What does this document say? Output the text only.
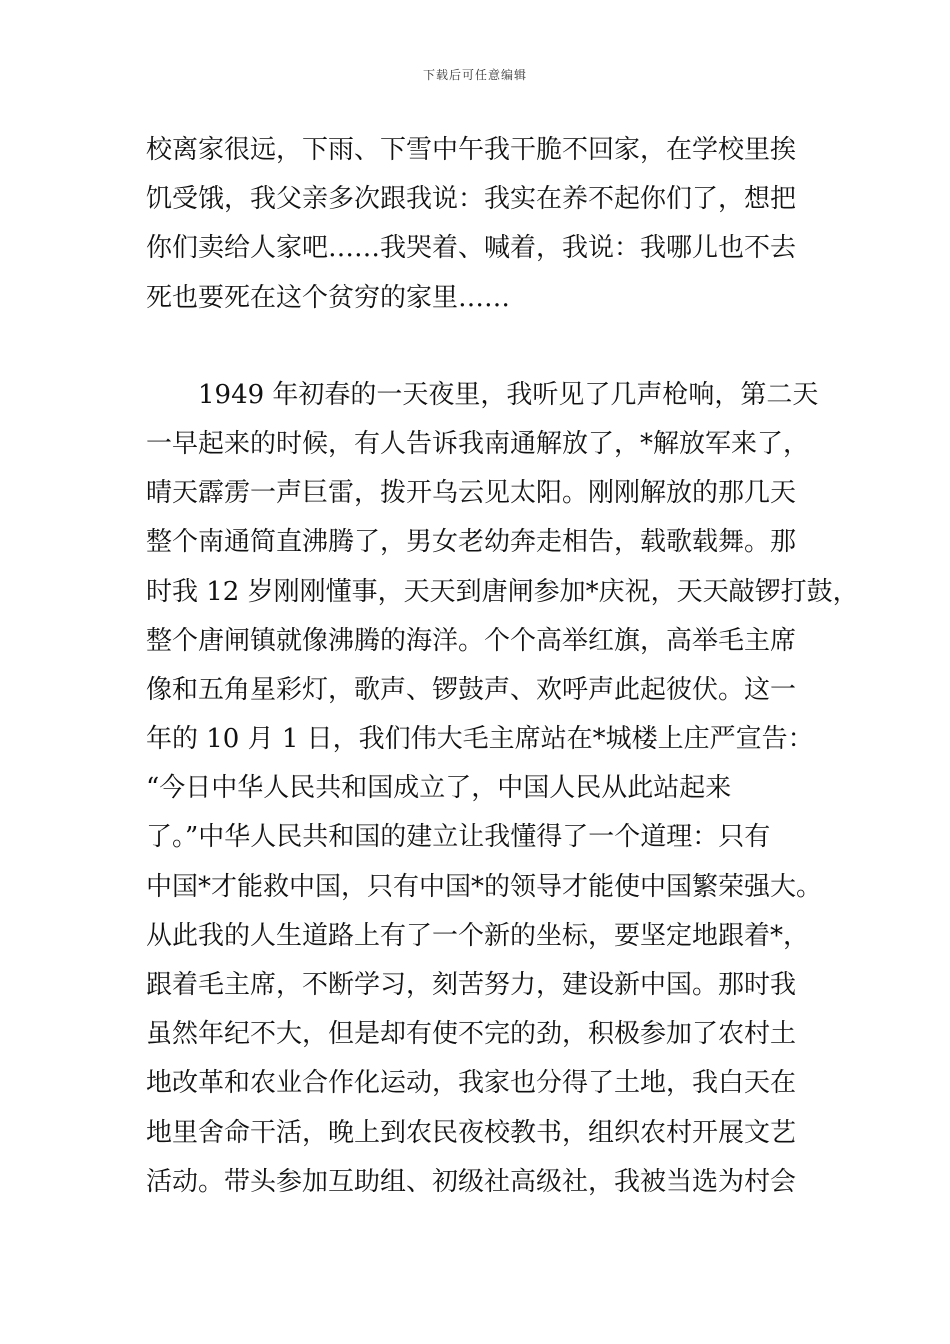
下载后可任意编辑
校离家很远，下雨、下雪中午我干脆不回家，在学校里挨
饥受饿，我父亲多次跟我说：我实在养不起你们了，想把
你们卖给人家吧……我哭着、喊着，我说：我哪儿也不去
死也要死在这个贫穷的家里……
　　1949 年初春的一天夜里，我听见了几声枪响，第二天
一早起来的时候，有人告诉我南通解放了，*解放军来了，
晴天霹雳一声巨雷，拨开乌云见太阳。刚刚解放的那几天
整个南通简直沸腾了，男女老幼奔走相告，载歌载舞。那
时我 12 岁刚刚懂事，天天到唐闸参加*庆祝，天天敲锣打鼓，
整个唐闸镇就像沸腾的海洋。个个高举红旗，高举毛主席
像和五角星彩灯，歌声、锣鼓声、欢呼声此起彼伏。这一
年的 10 月 1 日，我们伟大毛主席站在*城楼上庄严宣告：
“今日中华人民共和国成立了，中国人民从此站起来
了。”中华人民共和国的建立让我懂得了一个道理：只有
中国*才能救中国，只有中国*的领导才能使中国繁荣强大。
从此我的人生道路上有了一个新的坐标，要坚定地跟着*，
跟着毛主席，不断学习，刻苦努力，建设新中国。那时我
虽然年纪不大，但是却有使不完的劲，积极参加了农村土
地改革和农业合作化运动，我家也分得了土地，我白天在
地里舍命干活，晚上到农民夜校教书，组织农村开展文艺
活动。带头参加互助组、初级社高级社，我被当选为村会
